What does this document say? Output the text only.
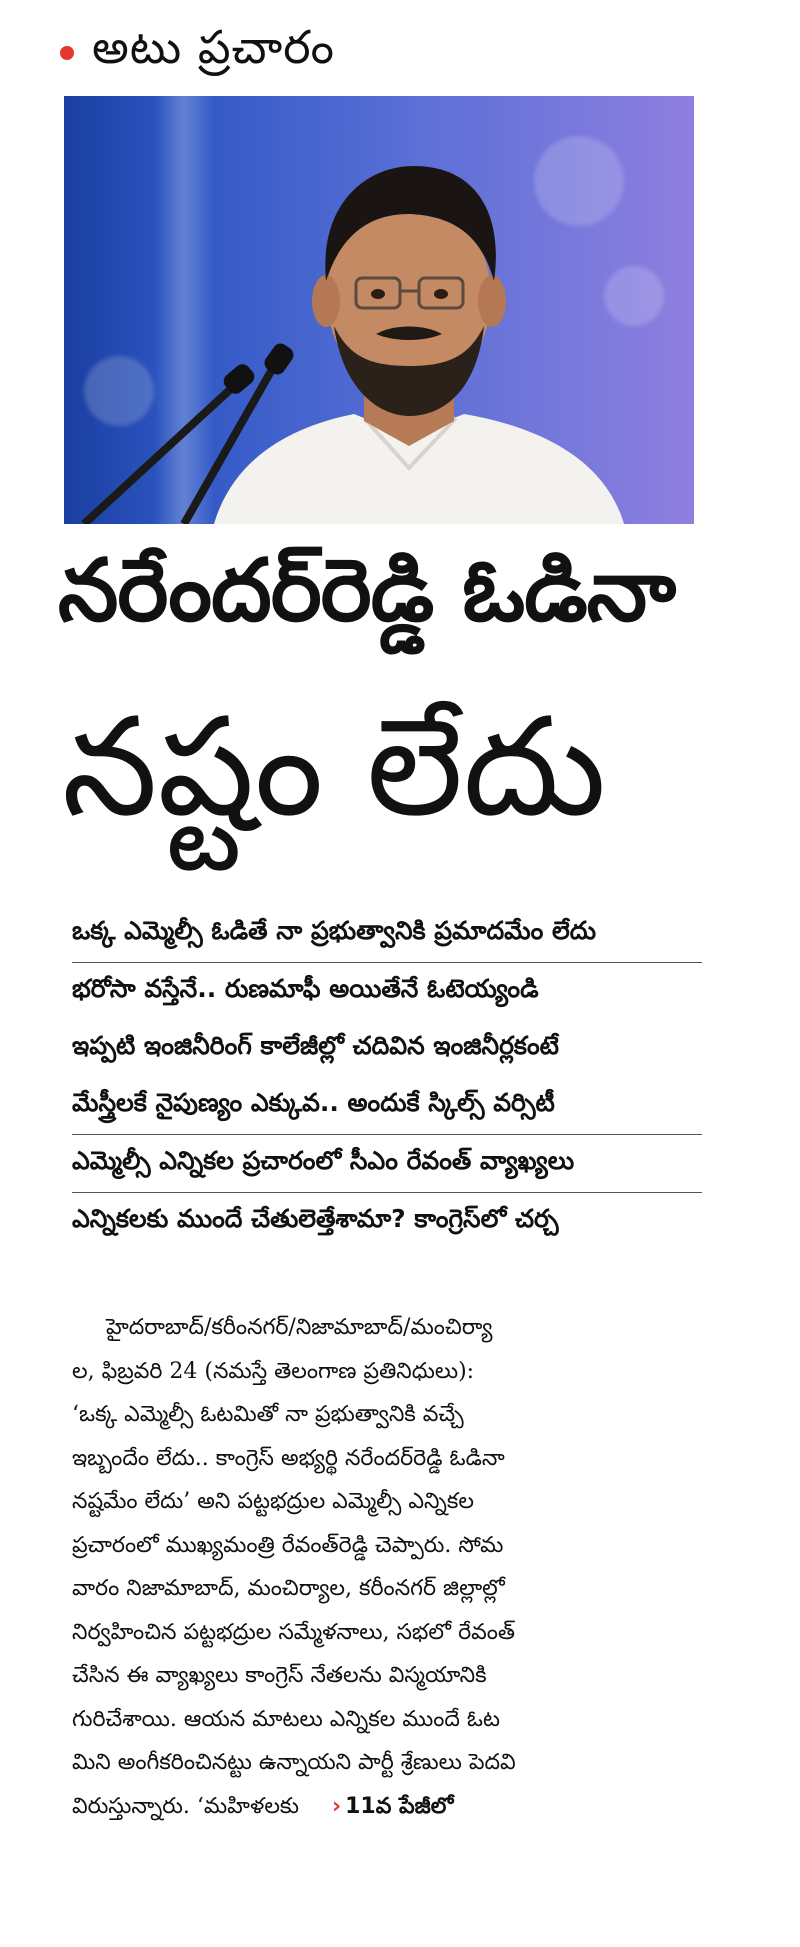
అటు ప్రచారం
నరేందర్‌రెడ్డి ఓడినా
నష్టం లేదు
ఒక్క ఎమ్మెల్సీ ఓడితే నా ప్రభుత్వానికి ప్రమాదమేం లేదు
భరోసా వస్తేనే.. రుణమాఫీ అయితేనే ఓటెయ్యండి
ఇప్పటి ఇంజినీరింగ్ కాలేజీల్లో చదివిన ఇంజినీర్లకంటే
మేస్త్రీలకే నైపుణ్యం ఎక్కువ.. అందుకే స్కిల్స్ వర్సిటీ
ఎమ్మెల్సీ ఎన్నికల ప్రచారంలో సీఎం రేవంత్ వ్యాఖ్యలు
ఎన్నికలకు ముందే చేతులెత్తేశామా? కాంగ్రెస్‌లో చర్చ
హైదరాబాద్/కరీంనగర్/నిజామాబాద్/మంచిర్యా
ల, ఫిబ్రవరి 24 (నమస్తే తెలంగాణ ప్రతినిధులు):
‘ఒక్క ఎమ్మెల్సీ ఓటమితో నా ప్రభుత్వానికి వచ్చే
ఇబ్బందేం లేదు.. కాంగ్రెస్ అభ్యర్థి నరేందర్‌రెడ్డి ఓడినా
నష్టమేం లేదు’ అని పట్టభద్రుల ఎమ్మెల్సీ ఎన్నికల
ప్రచారంలో ముఖ్యమంత్రి రేవంత్‌రెడ్డి చెప్పారు. సోమ
వారం నిజామాబాద్, మంచిర్యాల, కరీంనగర్ జిల్లాల్లో
నిర్వహించిన పట్టభద్రుల సమ్మేళనాలు, సభలో రేవంత్
చేసిన ఈ వ్యాఖ్యలు కాంగ్రెస్ నేతలను విస్మయానికి
గురిచేశాయి. ఆయన మాటలు ఎన్నికల ముందే ఓట
మిని అంగీకరించినట్టు ఉన్నాయని పార్టీ శ్రేణులు పెదవి
విరుస్తున్నారు. ‘మహిళలకు › 11వ పేజీలో
